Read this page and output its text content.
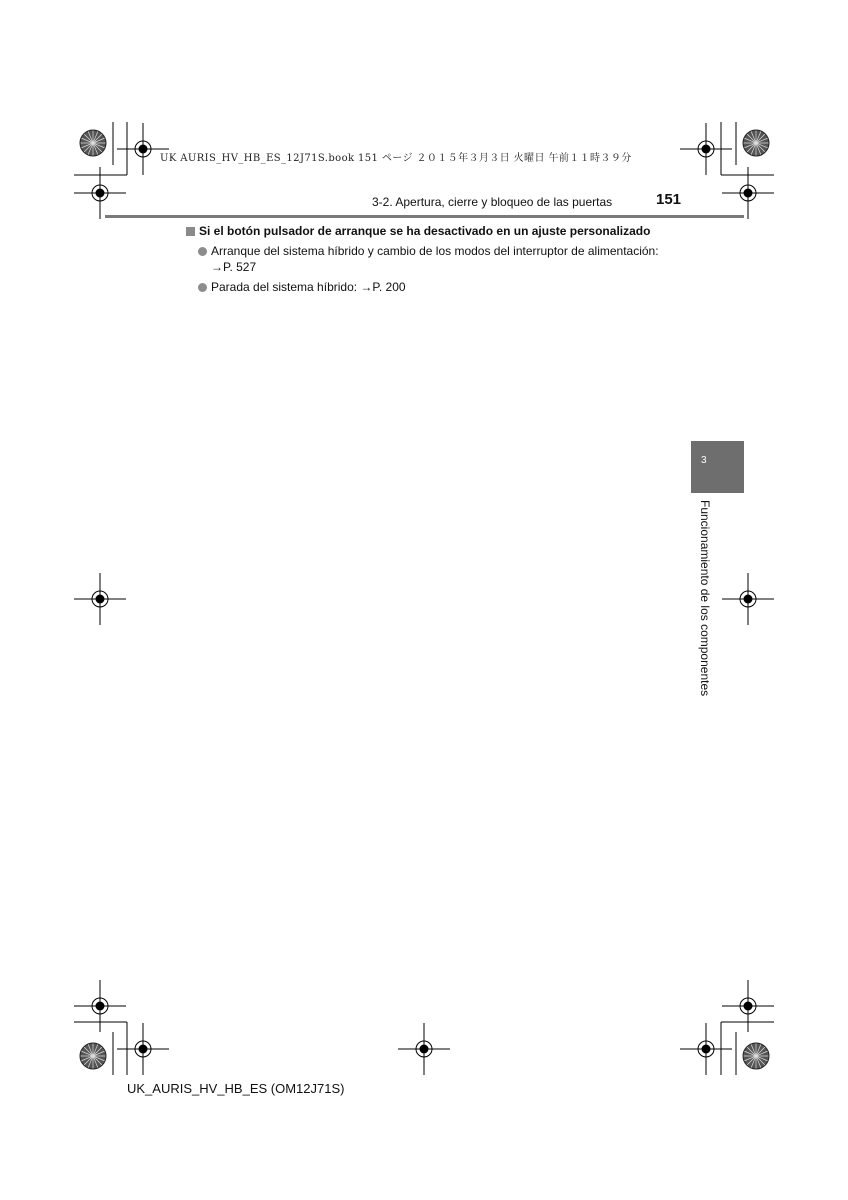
UK AURIS_HV_HB_ES_12J71S.book 151 ページ ２０１５年３月３日 火曜日 午前１１時３９分
3-2. Apertura, cierre y bloqueo de las puertas	151
Si el botón pulsador de arranque se ha desactivado en un ajuste personalizado
Arranque del sistema híbrido y cambio de los modos del interruptor de alimentación:
→P. 527
Parada del sistema híbrido: →P. 200
3
Funcionamiento de los componentes
UK_AURIS_HV_HB_ES (OM12J71S)
